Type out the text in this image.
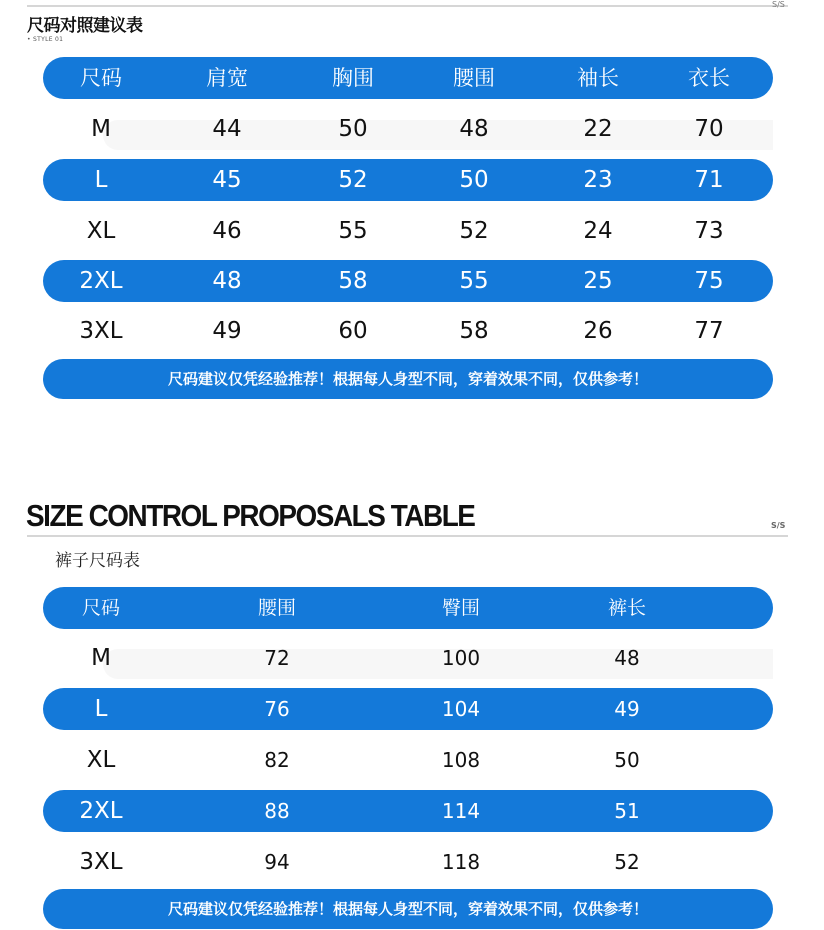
S/S
尺码对照建议表
• STYLE 01
尺码	肩宽	胸围	腰围	袖长	衣长
M	44	50	48	22	70
L	45	52	50	23	71
XL	46	55	52	24	73
2XL	48	58	55	25	75
3XL	49	60	58	26	77
尺码建议仅凭经验推荐！根据每人身型不同，穿着效果不同，仅供参考！
SIZE CONTROL PROPOSALS TABLE	S/S
裤子尺码表
尺码	腰围	臀围	裤长
M	72	100	48
L	76	104	49
XL	82	108	50
2XL	88	114	51
3XL	94	118	52
尺码建议仅凭经验推荐！根据每人身型不同，穿着效果不同，仅供参考！
